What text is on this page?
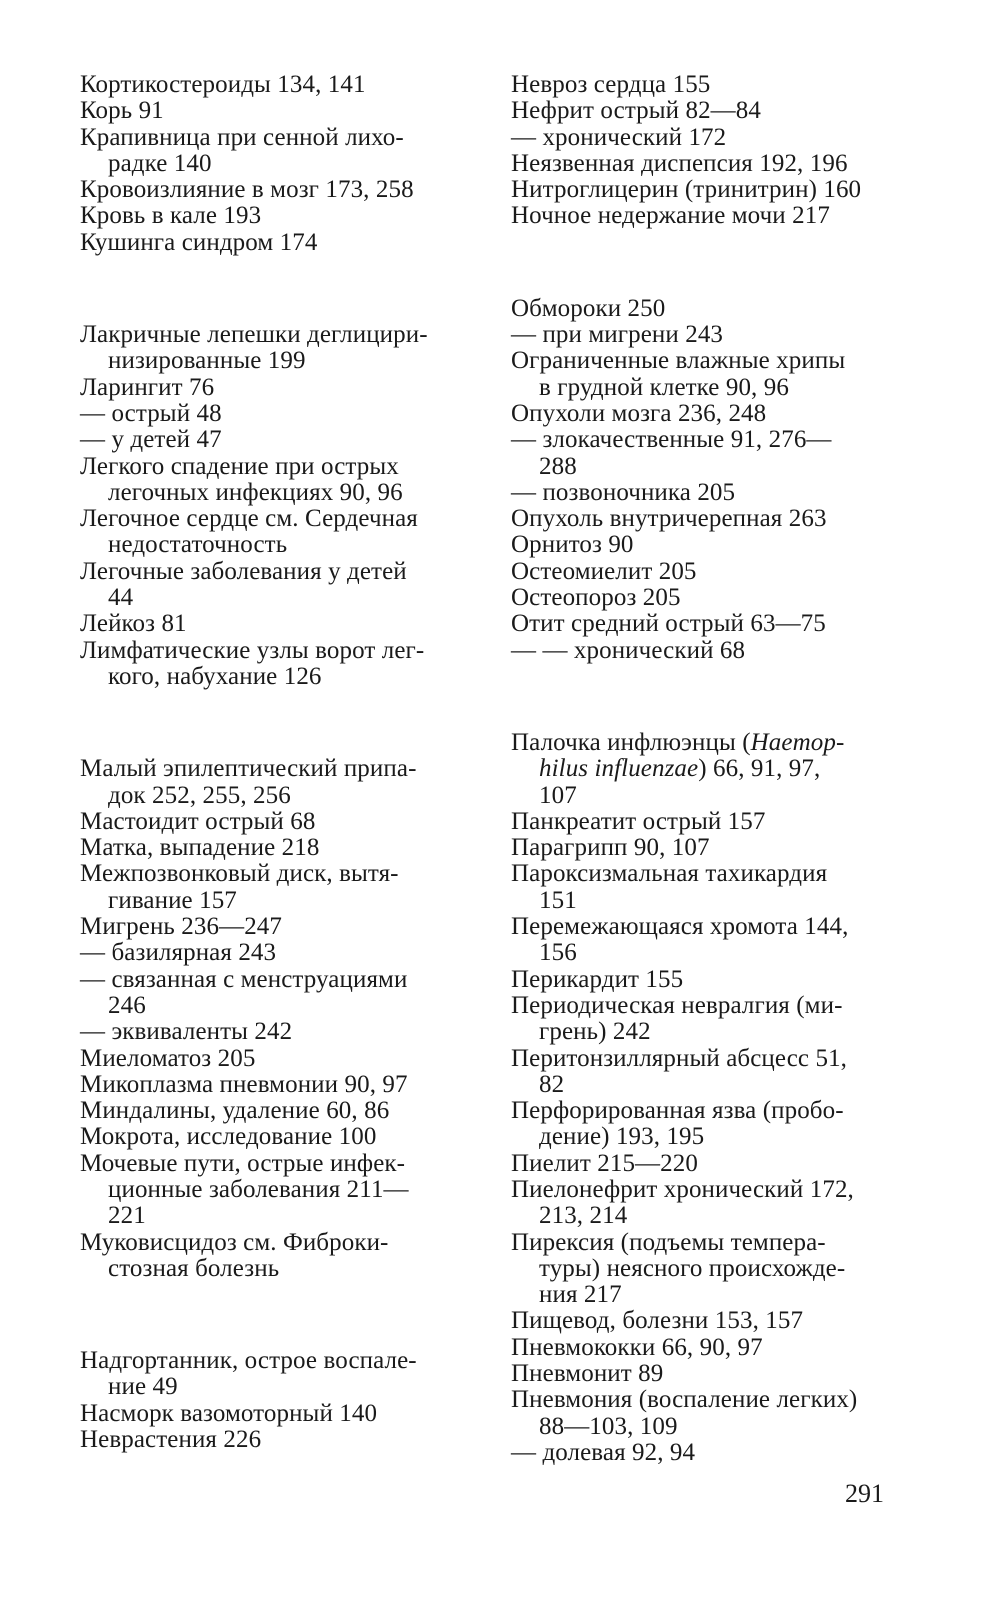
Кортикостероиды 134, 141

Корь 91

Крапивница при сенной лихо-
радке 140

Кровоизлияние в мозг 173, 258

Кровь в кале 193

Кушинга синдром 174

Лакричные лепешки деглицири-
низированные 199

Ларингит 76

— острый 48

— у детей 47

Легкого спадение при острых
легочных инфекциях 90, 96

Легочное сердце см. Сердечная
недостаточность

Легочные заболевания у детей
44

Лейкоз 81

Лимфатические узлы ворот лег-
кого, набухание 126

Малый эпилептический припа-
док 252, 255, 256

Мастоидит острый 68

Матка, выпадение 218

Межпозвонковый диск, вытя-
гивание 157

Мигрень 236—247

— базилярная 243

— связанная с менструациями
246

— эквиваленты 242

Миеломатоз 205

Микоплазма пневмонии 90, 97

Миндалины, удаление 60, 86

Мокрота, исследование 100

Мочевые пути, острые инфек-
ционные заболевания 211—
221

Муковисцидоз см. Фиброки-
стозная болезнь

Надгортанник, острое воспале-
ние 49

Насморк вазомоторный 140

Неврастения 226

Невроз сердца 155

Нефрит острый 82—84

— хронический 172

Неязвенная диспепсия 192, 196

Нитроглицерин (тринитрин) 160

Ночное недержание мочи 217

Обмороки 250

— при мигрени 243

Ограниченные влажные хрипы
в грудной клетке 90, 96

Опухоли мозга 236, 248

— злокачественные 91, 276—
288

— позвоночника 205

Опухоль внутричерепная 263

Орнитоз 90

Остеомиелит 205

Остеопороз 205

Отит средний острый 63—75

— — хронический 68

Палочка инфлюэнцы (Haemop-
hilus influenzae) 66, 91, 97,
107

Панкреатит острый 157

Парагрипп 90, 107

Пароксизмальная тахикардия
151

Перемежающаяся хромота 144,
156

Перикардит 155

Периодическая невралгия (ми-
грень) 242

Перитонзиллярный абсцесс 51,
82

Перфорированная язва (пробо-
дение) 193, 195

Пиелит 215—220

Пиелонефрит хронический 172,
213, 214

Пирексия (подъемы темпера-
туры) неясного происхожде-
ния 217

Пищевод, болезни 153, 157

Пневмококки 66, 90, 97

Пневмонит 89

Пневмония (воспаление легких)
88—103, 109

— долевая 92, 94

291
